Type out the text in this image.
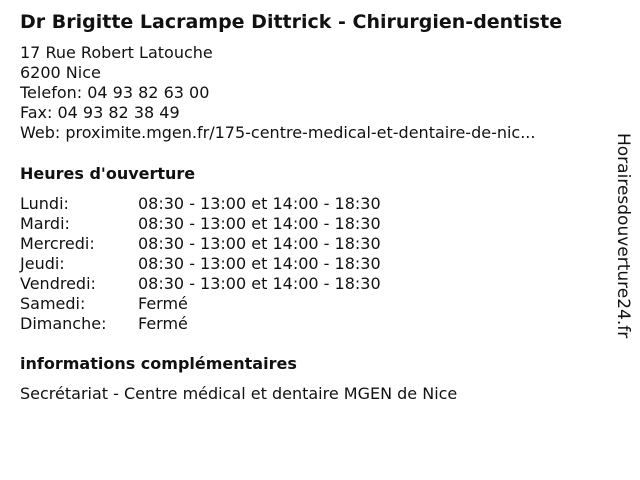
Dr Brigitte Lacrampe Dittrick - Chirurgien-dentiste
17 Rue Robert Latouche
6200 Nice
Telefon: 04 93 82 63 00
Fax: 04 93 82 38 49
Web: proximite.mgen.fr/175-centre-medical-et-dentaire-de-nic...
Heures d'ouverture
Lundi:	08:30 - 13:00 et 14:00 - 18:30
Mardi:	08:30 - 13:00 et 14:00 - 18:30
Mercredi:	08:30 - 13:00 et 14:00 - 18:30
Jeudi:	08:30 - 13:00 et 14:00 - 18:30
Vendredi:	08:30 - 13:00 et 14:00 - 18:30
Samedi:	Fermé
Dimanche:	Fermé
informations complémentaires
Secrétariat - Centre médical et dentaire MGEN de Nice
Horairesdouverture24.fr
